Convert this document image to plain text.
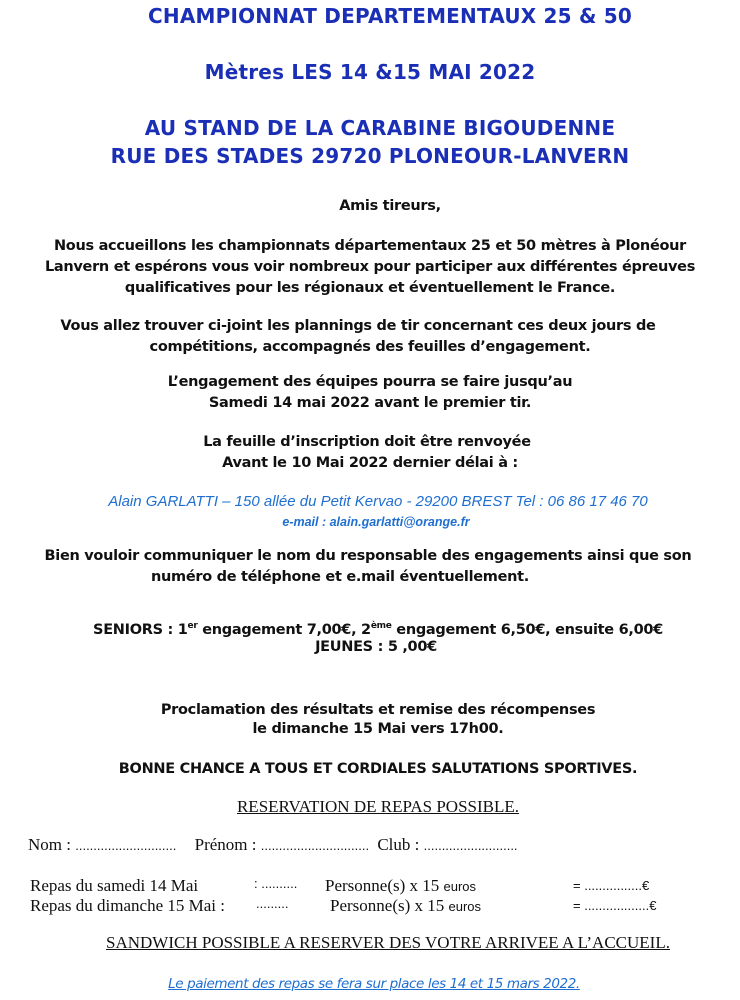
CHAMPIONNAT DEPARTEMENTAUX 25 & 50
Mètres LES 14 &15 MAI 2022
AU STAND DE LA CARABINE BIGOUDENNE
RUE DES STADES 29720 PLONEOUR-LANVERN
Amis tireurs,
Nous accueillons les championnats départementaux 25 et 50 mètres à Plonéour
Lanvern et espérons vous voir nombreux pour participer aux différentes épreuves
qualificatives pour les régionaux et éventuellement le France.
Vous allez trouver ci-joint les plannings de tir concernant ces deux jours de
compétitions, accompagnés des feuilles d’engagement.
L’engagement des équipes pourra se faire jusqu’au
Samedi 14 mai 2022 avant le premier tir.
La feuille d’inscription doit être renvoyée
Avant le 10 Mai 2022 dernier délai à :
Alain GARLATTI – 150 allée du Petit Kervao - 29200 BREST Tel : 06 86 17 46 70
e-mail : alain.garlatti@orange.fr
Bien vouloir communiquer le nom du responsable des engagements ainsi que son
numéro de téléphone et e.mail éventuellement.
SENIORS : 1er engagement 7,00€, 2ème engagement 6,50€, ensuite 6,00€
JEUNES : 5 ,00€
Proclamation des résultats et remise des récompenses
le dimanche 15 Mai vers 17h00.
BONNE CHANCE A TOUS ET CORDIALES SALUTATIONS SPORTIVES.
RESERVATION DE REPAS POSSIBLE.
Nom : ............................ Prénom : .............................. Club : ..........................
Repas du samedi 14 Mai	: .......... Personne(s) x 15 euros	= ................€
Repas du dimanche 15 Mai : ......... Personne(s) x 15 euros	= ..................€
SANDWICH POSSIBLE A RESERVER DES VOTRE ARRIVEE A L’ACCUEIL.
Le paiement des repas se fera sur place les 14 et 15 mars 2022.
